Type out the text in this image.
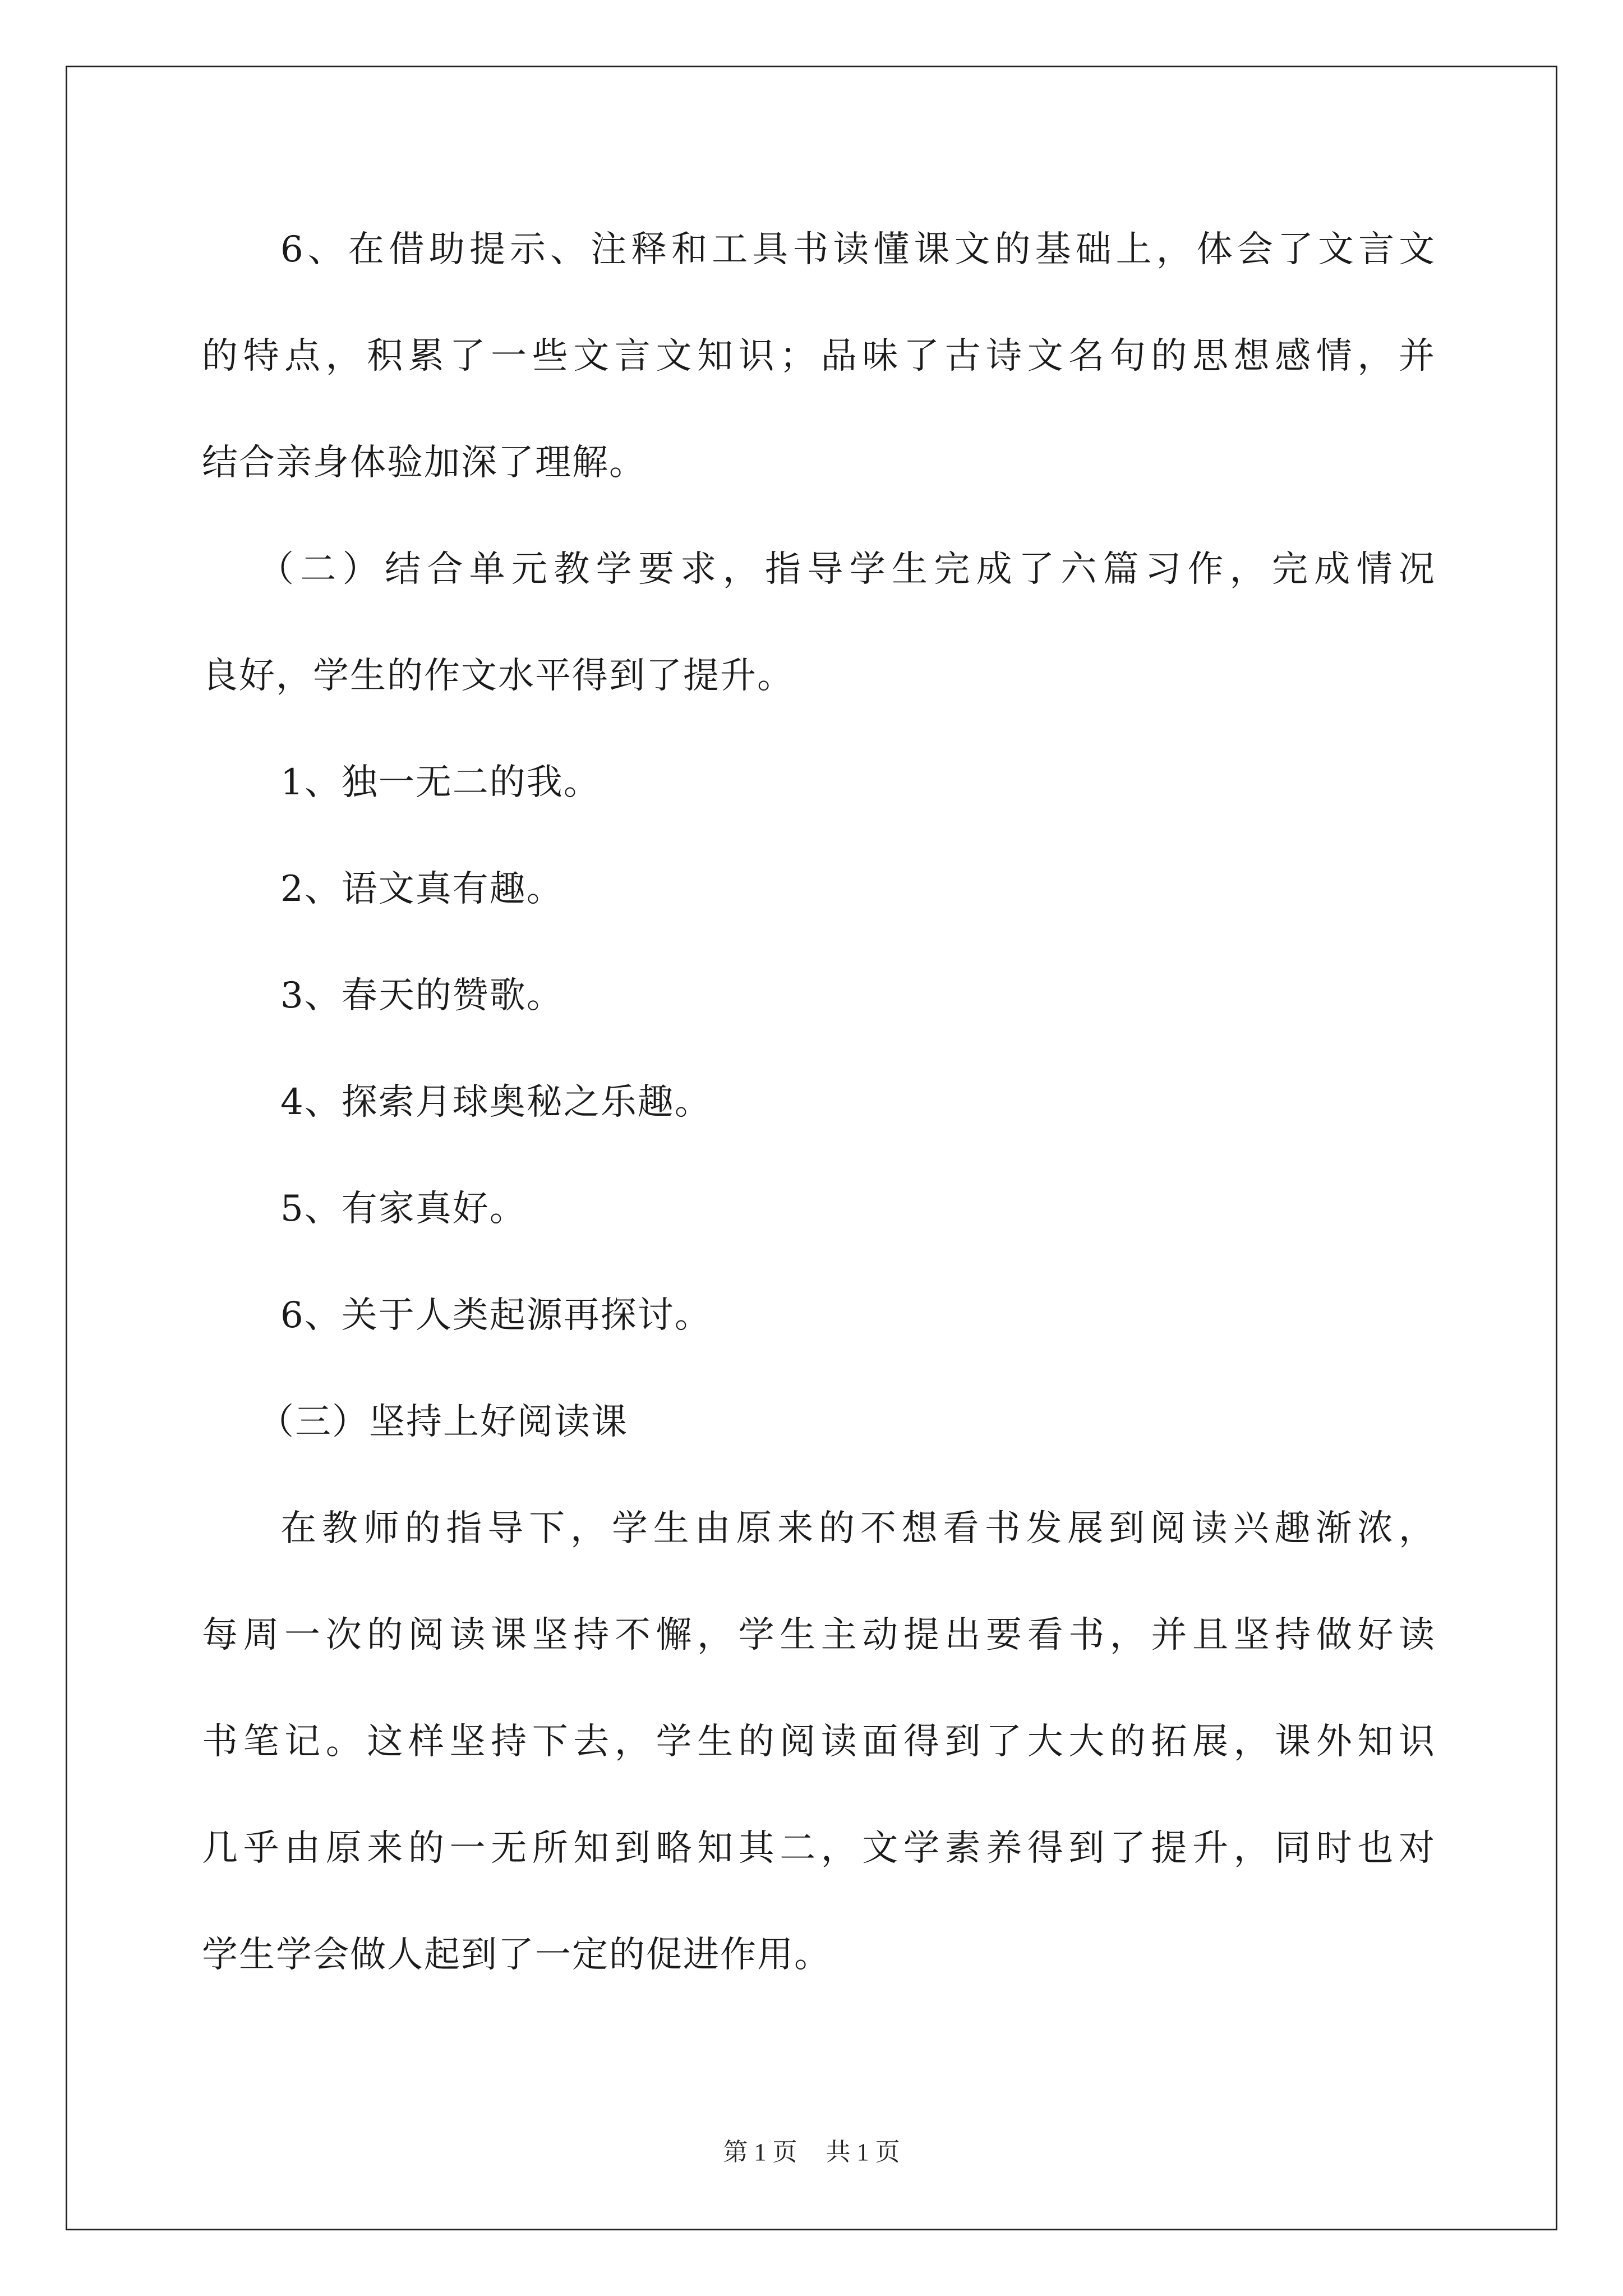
6、在借助提示、注释和工具书读懂课文的基础上，体会了文言文
的特点，积累了一些文言文知识；品味了古诗文名句的思想感情，并
结合亲身体验加深了理解。
（二）结合单元教学要求，指导学生完成了六篇习作，完成情况
良好，学生的作文水平得到了提升。
1、独一无二的我。
2、语文真有趣。
3、春天的赞歌。
4、探索月球奥秘之乐趣。
5、有家真好。
6、关于人类起源再探讨。
（三）坚持上好阅读课
在教师的指导下，学生由原来的不想看书发展到阅读兴趣渐浓，
每周一次的阅读课坚持不懈，学生主动提出要看书，并且坚持做好读
书笔记。这样坚持下去，学生的阅读面得到了大大的拓展，课外知识
几乎由原来的一无所知到略知其二，文学素养得到了提升，同时也对
学生学会做人起到了一定的促进作用。
第 1 页 共 1 页
